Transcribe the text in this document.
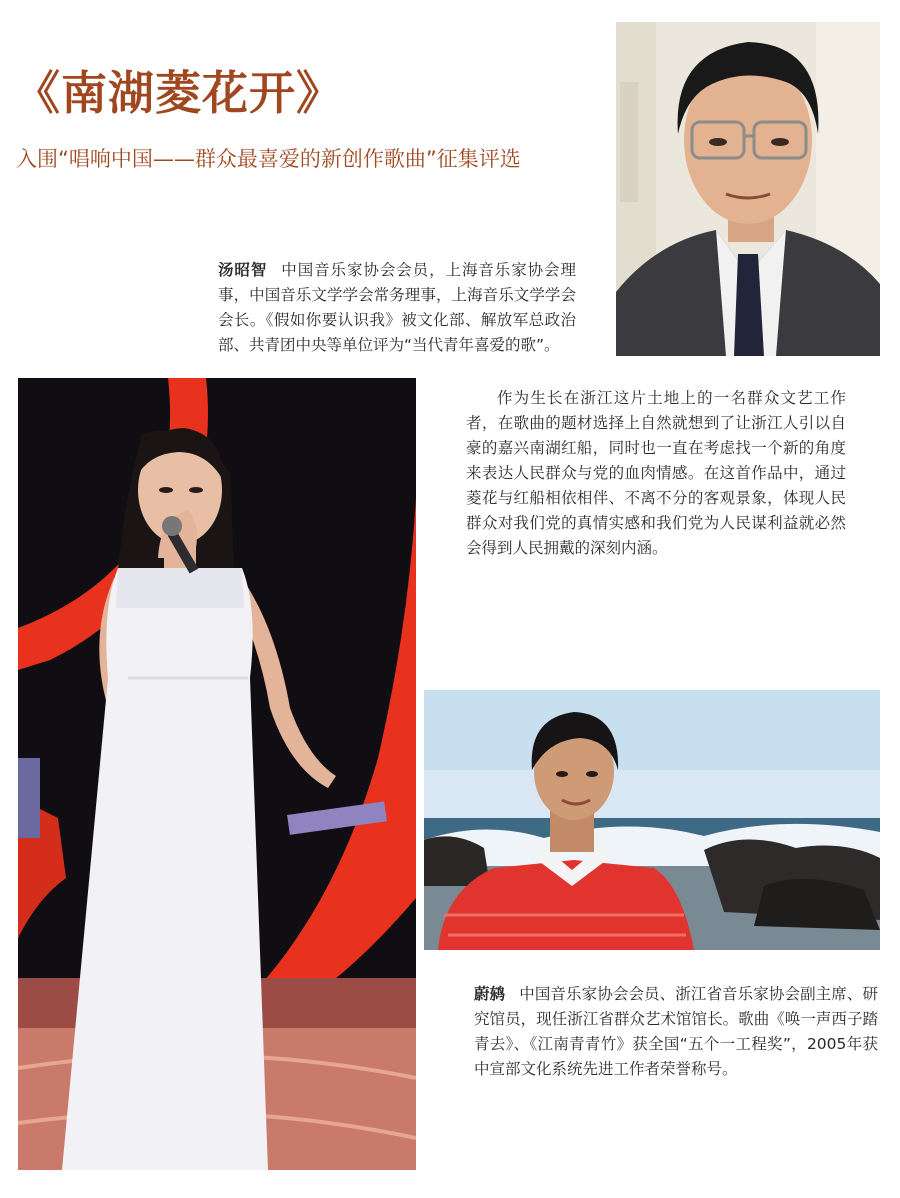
《南湖菱花开》
入围“唱响中国——群众最喜爱的新创作歌曲”征集评选
汤昭智 中国音乐家协会会员，上海音乐家协会理事，中国音乐文学学会常务理事，上海音乐文学学会会长。《假如你要认识我》被文化部、解放军总政治部、共青团中央等单位评为“当代青年喜爱的歌”。
作为生长在浙江这片土地上的一名群众文艺工作者，在歌曲的题材选择上自然就想到了让浙江人引以自豪的嘉兴南湖红船，同时也一直在考虑找一个新的角度来表达人民群众与党的血肉情感。在这首作品中，通过菱花与红船相依相伴、不离不分的客观景象，体现人民群众对我们党的真情实感和我们党为人民谋利益就必然会得到人民拥戴的深刻内涵。
蔚鸫 中国音乐家协会会员、浙江省音乐家协会副主席、研究馆员，现任浙江省群众艺术馆馆长。歌曲《唤一声西子踏青去》、《江南青青竹》获全国“五个一工程奖”，2005年获中宣部文化系统先进工作者荣誉称号。
